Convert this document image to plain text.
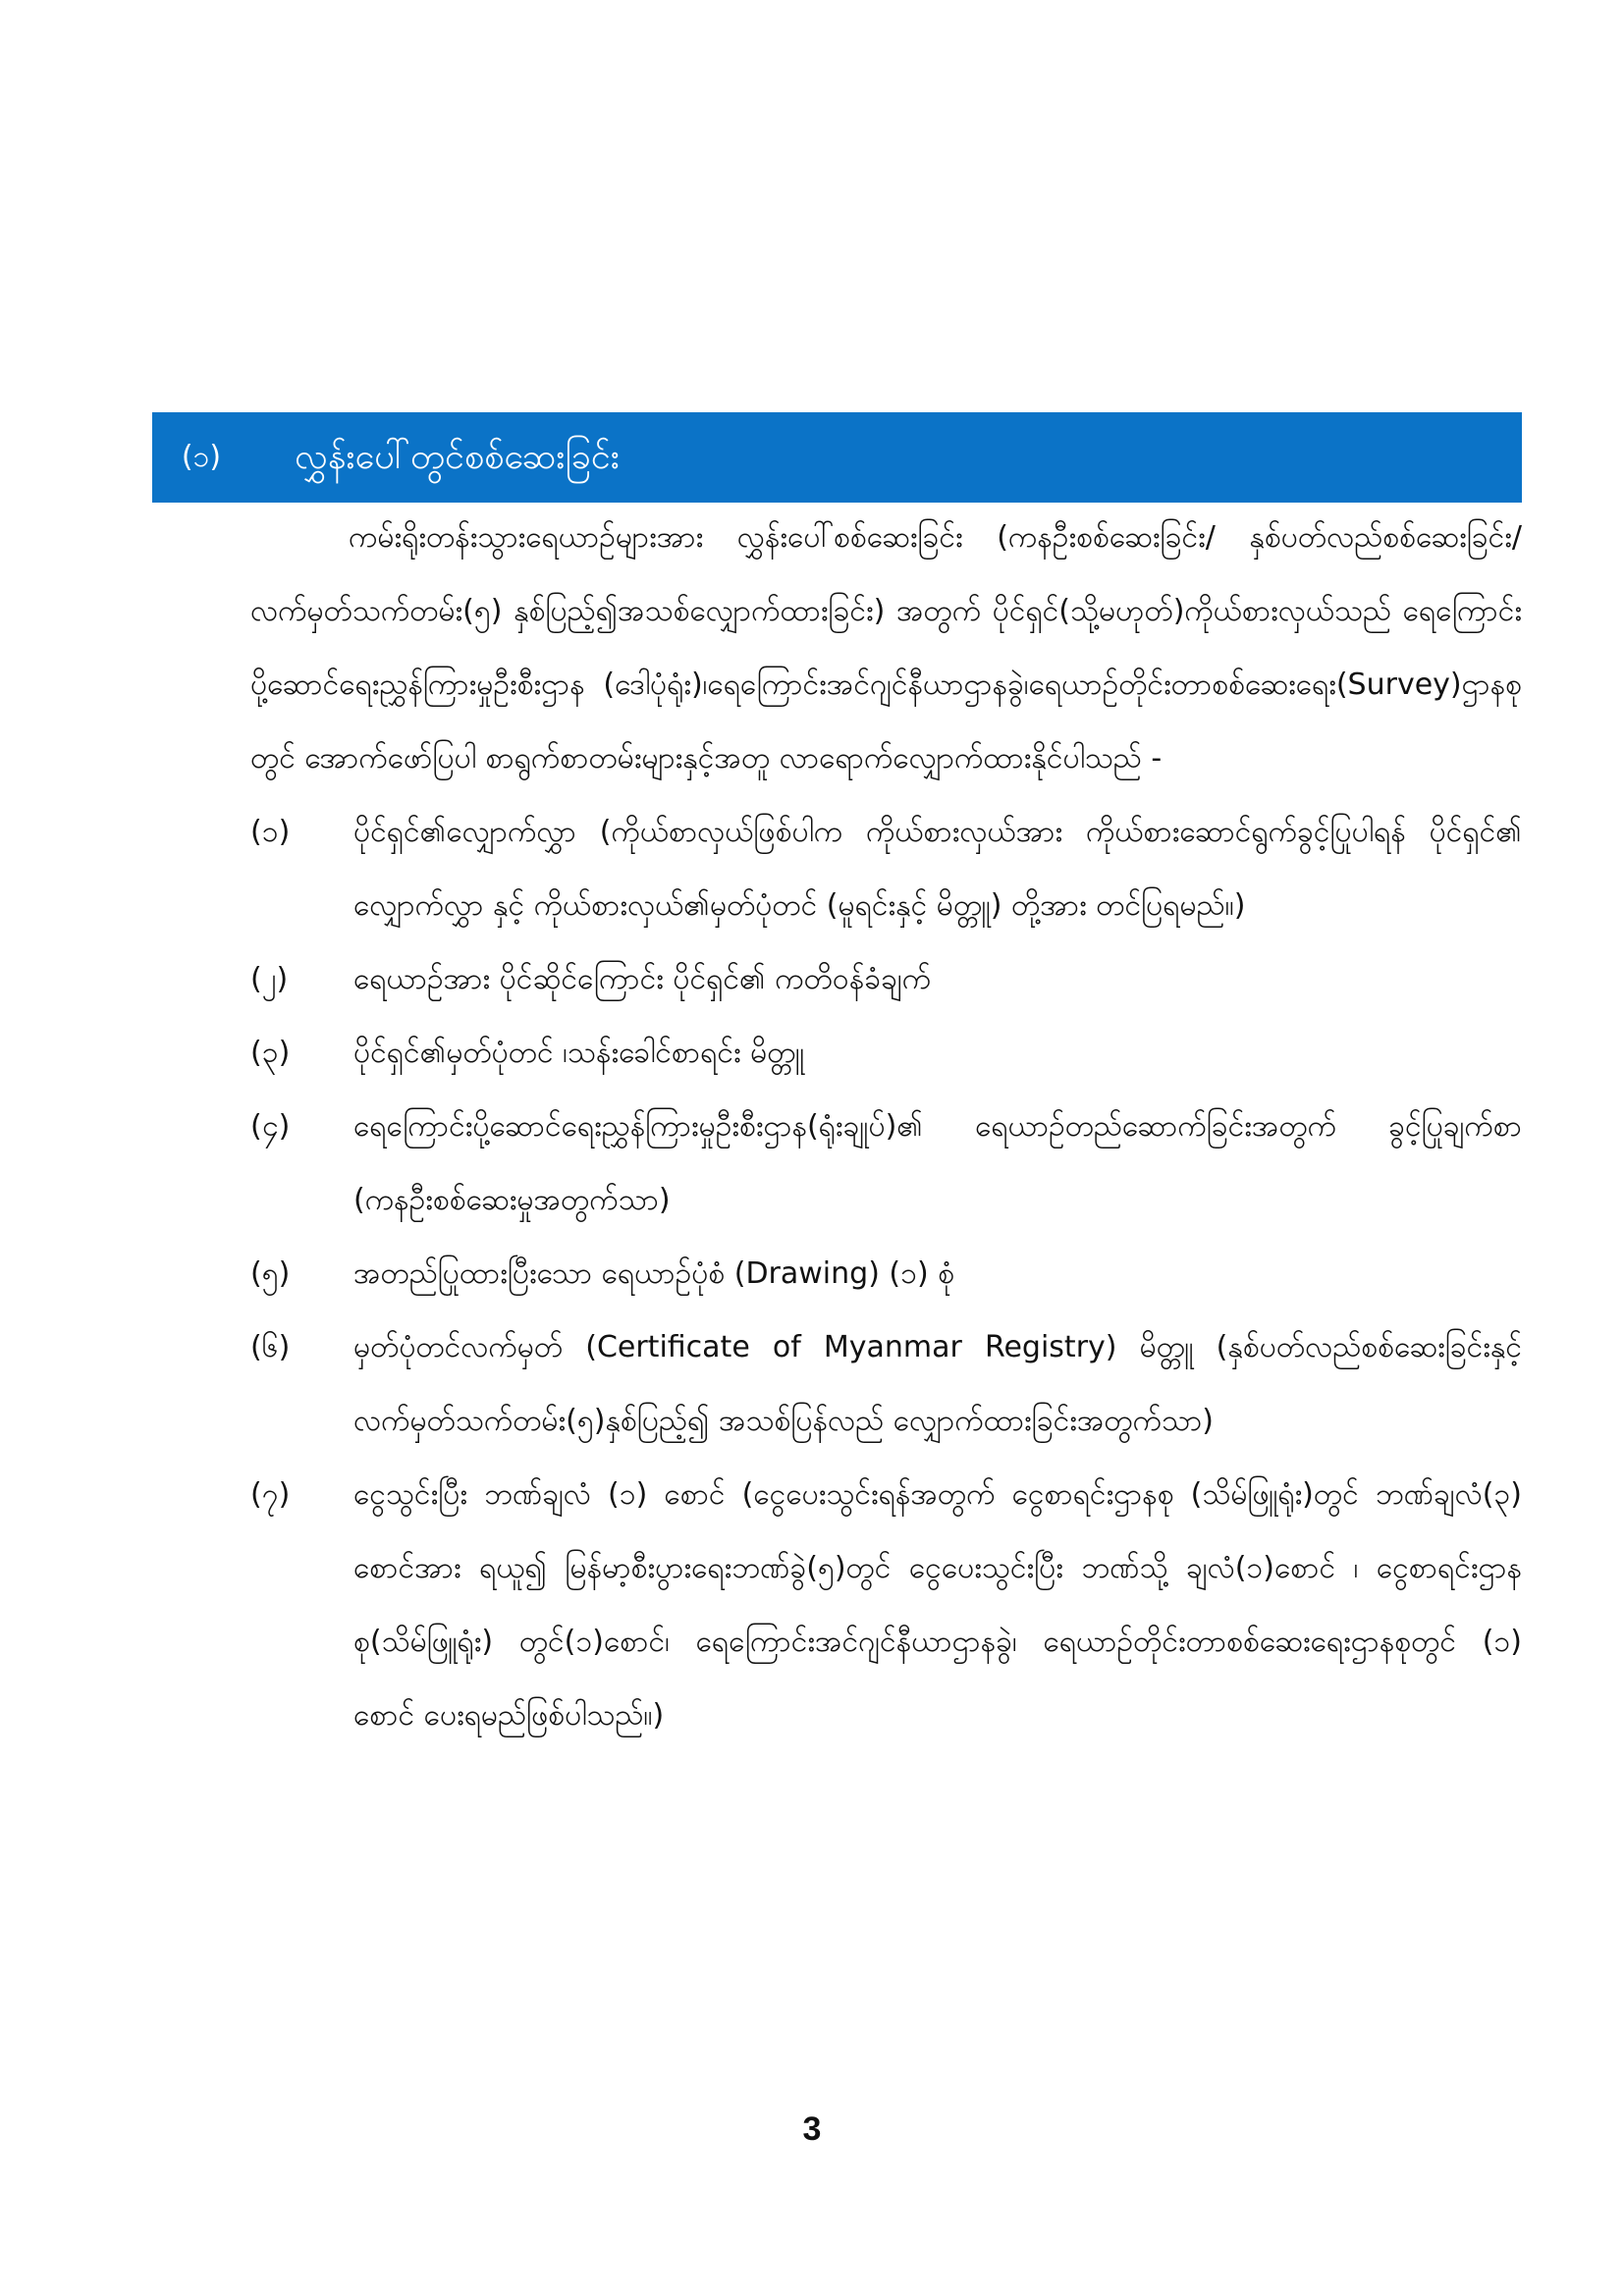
(၁)	လွှန်းပေါ်တွင်စစ်ဆေးခြင်း

ကမ်းရိုးတန်းသွားရေယာဉ်များအား လွှန်းပေါ်စစ်ဆေးခြင်း (ကနဦးစစ်ဆေးခြင်း/ နှစ်ပတ်လည်စစ်ဆေးခြင်း/ လက်မှတ်သက်တမ်း(၅) နှစ်ပြည့်၍အသစ်လျှောက်ထားခြင်း) အတွက် ပိုင်ရှင်(သို့မဟုတ်)ကိုယ်စားလှယ်သည် ရေကြောင်းပို့ဆောင်ရေးညွှန်ကြားမှုဦးစီးဌာန (ဒေါပုံရုံး)၊ရေကြောင်းအင်ဂျင်နီယာဌာနခွဲ၊ရေယာဉ်တိုင်းတာစစ်ဆေးရေး(Survey)ဌာနစုတွင် အောက်ဖော်ပြပါ စာရွက်စာတမ်းများနှင့်အတူ လာရောက်လျှောက်ထားနိုင်ပါသည် -

(၁)	ပိုင်ရှင်၏လျှောက်လွှာ (ကိုယ်စာလှယ်ဖြစ်ပါက ကိုယ်စားလှယ်အား ကိုယ်စားဆောင်ရွက်ခွင့်ပြုပါရန် ပိုင်ရှင်၏ လျှောက်လွှာ နှင့် ကိုယ်စားလှယ်၏မှတ်ပုံတင် (မူရင်းနှင့် မိတ္တူ) တို့အား တင်ပြရမည်။)
(၂)	ရေယာဉ်အား ပိုင်ဆိုင်ကြောင်း ပိုင်ရှင်၏ ကတိဝန်ခံချက်
(၃)	ပိုင်ရှင်၏မှတ်ပုံတင် ၊သန်းခေါင်စာရင်း မိတ္တူ
(၄)	ရေကြောင်းပို့ဆောင်ရေးညွှန်ကြားမှုဦးစီးဌာန(ရုံးချုပ်)၏ ရေယာဉ်တည်ဆောက်ခြင်းအတွက် ခွင့်ပြုချက်စာ (ကနဦးစစ်ဆေးမှုအတွက်သာ)
(၅)	အတည်ပြုထားပြီးသော ရေယာဉ်ပုံစံ (Drawing) (၁) စုံ
(၆)	မှတ်ပုံတင်လက်မှတ် (Certificate of Myanmar Registry) မိတ္တူ (နှစ်ပတ်လည်စစ်ဆေးခြင်းနှင့် လက်မှတ်သက်တမ်း(၅)နှစ်ပြည့်၍ အသစ်ပြန်လည် လျှောက်ထားခြင်းအတွက်သာ)
(၇)	ငွေသွင်းပြီး ဘဏ်ချလံ (၁) စောင် (ငွေပေးသွင်းရန်အတွက် ငွေစာရင်းဌာနစု (သိမ်ဖြူရုံး)တွင် ဘဏ်ချလံ(၃) စောင်အား ရယူ၍ မြန်မာ့စီးပွားရေးဘဏ်ခွဲ(၅)တွင် ငွေပေးသွင်းပြီး ဘဏ်သို့ ချလံ(၁)စောင် ၊ ငွေစာရင်းဌာနစု(သိမ်ဖြူရုံး) တွင်(၁)စောင်၊ ရေကြောင်းအင်ဂျင်နီယာဌာနခွဲ၊ ရေယာဉ်တိုင်းတာစစ်ဆေးရေးဌာနစုတွင် (၁) စောင် ပေးရမည်ဖြစ်ပါသည်။)
3
